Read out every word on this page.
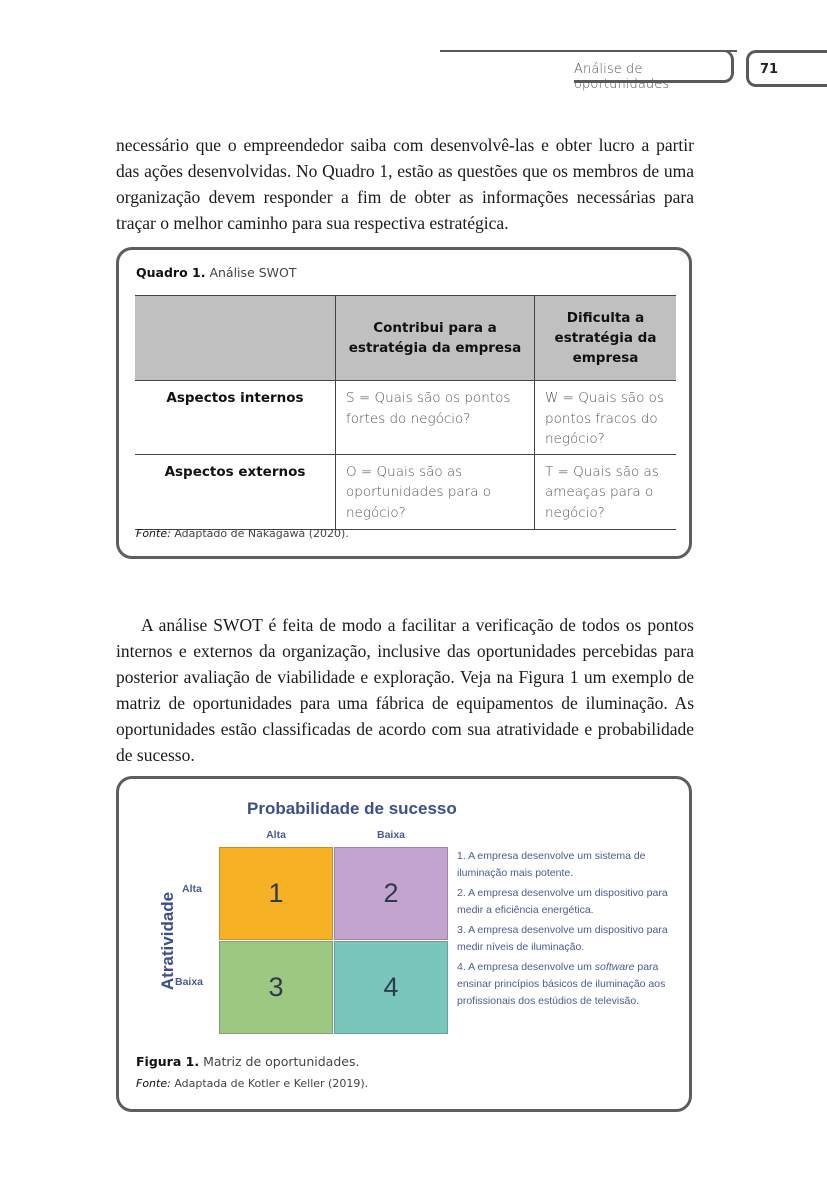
Análise de oportunidades
71

necessário que o empreendedor saiba com desenvolvê-las e obter lucro a partir das ações desenvolvidas. No Quadro 1, estão as questões que os membros de uma organização devem responder a fim de obter as informações necessárias para traçar o melhor caminho para sua respectiva estratégica.

Quadro 1. Análise SWOT
	Contribui para a estratégia da empresa	Dificulta a estratégia da empresa
Aspectos internos	S = Quais são os pontos fortes do negócio?	W = Quais são os pontos fracos do negócio?
Aspectos externos	O = Quais são as oportunidades para o negócio?	T = Quais são as ameaças para o negócio?
Fonte: Adaptado de Nakagawa (2020).

A análise SWOT é feita de modo a facilitar a verificação de todos os pontos internos e externos da organização, inclusive das oportunidades percebidas para posterior avaliação de viabilidade e exploração. Veja na Figura 1 um exemplo de matriz de oportunidades para uma fábrica de equipamentos de iluminação. As oportunidades estão classificadas de acordo com sua atratividade e probabilidade de sucesso.

Probabilidade de sucesso
Alta	Baixa
Atratividade
Alta
Baixa
1	2
3	4

1. A empresa desenvolve um sistema de iluminação mais potente.

2. A empresa desenvolve um dispositivo para medir a eficiência energética.

3. A empresa desenvolve um dispositivo para medir níveis de iluminação.

4. A empresa desenvolve um software para ensinar princípios básicos de iluminação aos profissionais dos estúdios de televisão.

Figura 1. Matriz de oportunidades.
Fonte: Adaptada de Kotler e Keller (2019).
